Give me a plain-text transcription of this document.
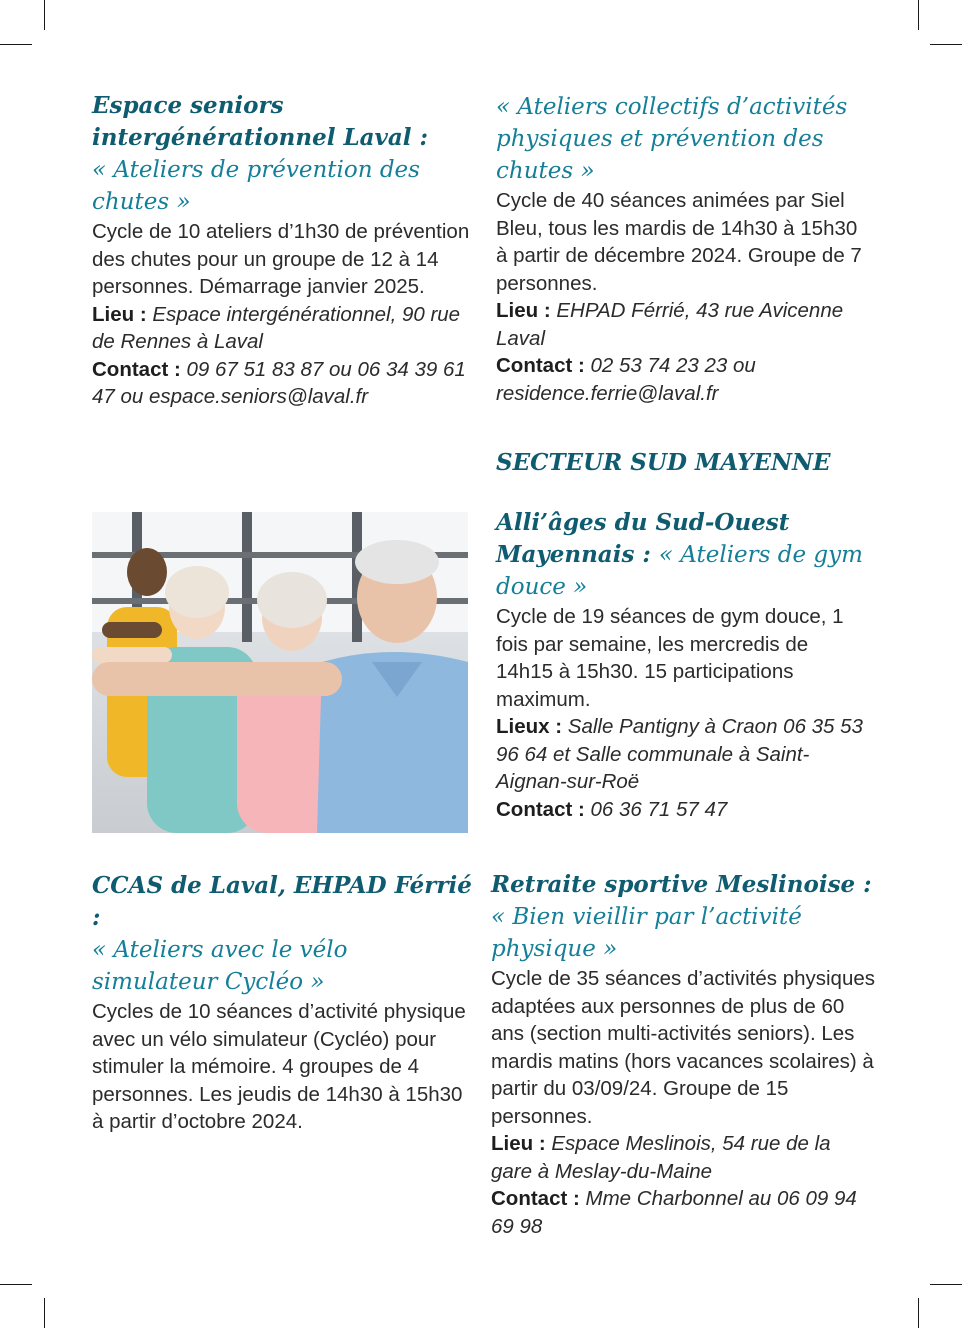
Espace seniors intergénérationnel Laval :
« Ateliers de prévention des chutes »

Cycle de 10 ateliers d’1h30 de prévention des chutes pour un groupe de 12 à 14 personnes. Démarrage janvier 2025.
Lieu : Espace intergénérationnel, 90 rue de Rennes à Laval
Contact : 09 67 51 83 87 ou 06 34 39 61 47 ou espace.seniors@laval.fr

« Ateliers collectifs d’activités physiques et prévention des chutes »

Cycle de 40 séances animées par Siel Bleu, tous les mardis de 14h30 à 15h30 à partir de décembre 2024. Groupe de 7 personnes.
Lieu : EHPAD Férrié, 43 rue Avicenne Laval
Contact : 02 53 74 23 23 ou residence.ferrie@laval.fr

SECTEUR SUD MAYENNE
Alli’âges du Sud-Ouest Mayennais : « Ateliers de gym douce »

Cycle de 19 séances de gym douce, 1 fois par semaine, les mercredis de 14h15 à 15h30. 15 participations maximum.
Lieux : Salle Pantigny à Craon 06 35 53 96 64 et Salle communale à Saint-Aignan-sur-Roë
Contact : 06 36 71 57 47

CCAS de Laval, EHPAD Férrié :
« Ateliers avec le vélo simulateur Cycléo »

Cycles de 10 séances d’activité physique avec un vélo simulateur (Cycléo) pour stimuler la mémoire. 4 groupes de 4 personnes. Les jeudis de 14h30 à 15h30 à partir d’octobre 2024.

Retraite sportive Meslinoise :
« Bien vieillir par l’activité physique »

Cycle de 35 séances d’activités physiques adaptées aux personnes de plus de 60 ans (section multi-activités seniors). Les mardis matins (hors vacances scolaires) à partir du 03/09/24. Groupe de 15 personnes.
Lieu : Espace Meslinois, 54 rue de la gare à Meslay-du-Maine
Contact : Mme Charbonnel au 06 09 94 69 98
